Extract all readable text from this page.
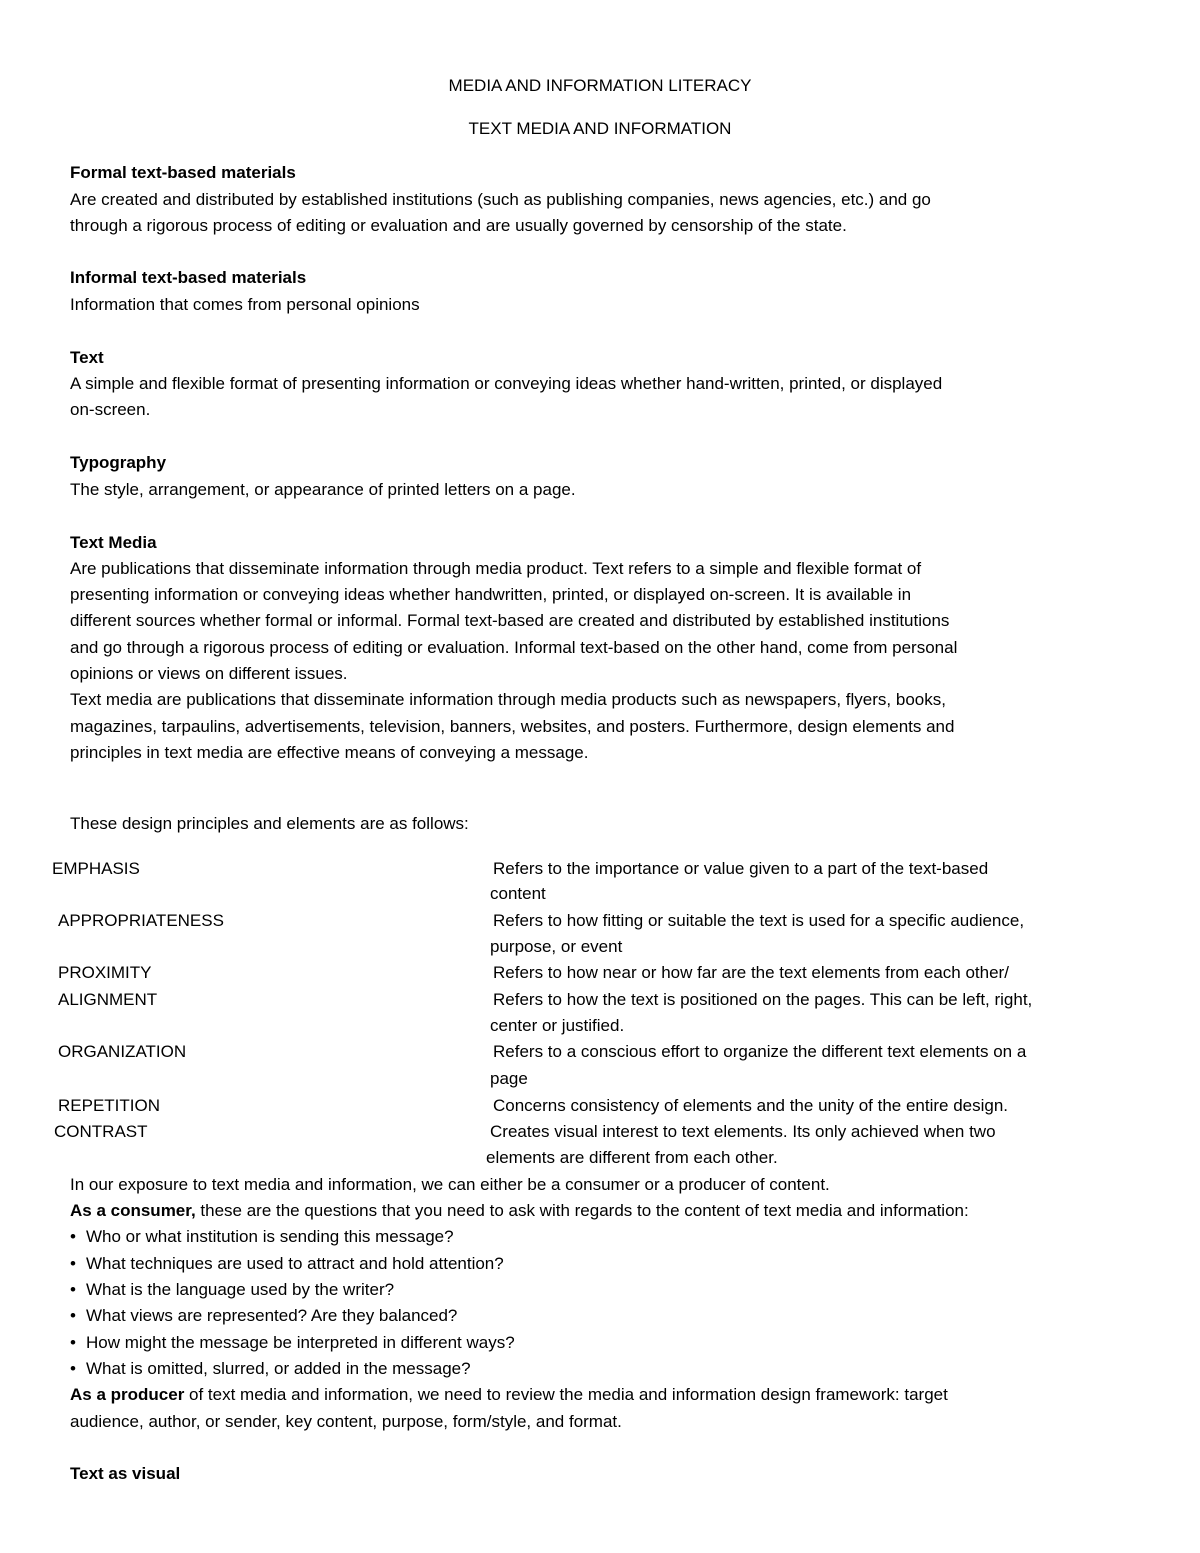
MEDIA AND INFORMATION LITERACY
TEXT MEDIA AND INFORMATION
Formal text-based materials
Are created and distributed by established institutions (such as publishing companies, news agencies, etc.) and go
through a rigorous process of editing or evaluation and are usually governed by censorship of the state.
Informal text-based materials
Information that comes from personal opinions
Text
A simple and flexible format of presenting information or conveying ideas whether hand-written, printed, or displayed
on-screen.
Typography
The style, arrangement, or appearance of printed letters on a page.
Text Media
Are publications that disseminate information through media product. Text refers to a simple and flexible format of
presenting information or conveying ideas whether handwritten, printed, or displayed on-screen. It is available in
different sources whether formal or informal. Formal text-based are created and distributed by established institutions
and go through a rigorous process of editing or evaluation. Informal text-based on the other hand, come from personal
opinions or views on different issues.
Text media are publications that disseminate information through media products such as newspapers, flyers, books,
magazines, tarpaulins, advertisements, television, banners, websites, and posters. Furthermore, design elements and
principles in text media are effective means of conveying a message.
These design principles and elements are as follows:
EMPHASIS	Refers to the importance or value given to a part of the text-based
content
APPROPRIATENESS	Refers to how fitting or suitable the text is used for a specific audience,
purpose, or event
PROXIMITY	Refers to how near or how far are the text elements from each other/
ALIGNMENT	Refers to how the text is positioned on the pages. This can be left, right,
center or justified.
ORGANIZATION	Refers to a conscious effort to organize the different text elements on a
page
REPETITION	Concerns consistency of elements and the unity of the entire design.
CONTRAST	Creates visual interest to text elements. Its only achieved when two
elements are different from each other.
In our exposure to text media and information, we can either be a consumer or a producer of content.
As a consumer, these are the questions that you need to ask with regards to the content of text media and information:
• Who or what institution is sending this message?
• What techniques are used to attract and hold attention?
• What is the language used by the writer?
• What views are represented? Are they balanced?
• How might the message be interpreted in different ways?
• What is omitted, slurred, or added in the message?
As a producer of text media and information, we need to review the media and information design framework: target
audience, author, or sender, key content, purpose, form/style, and format.
Text as visual
